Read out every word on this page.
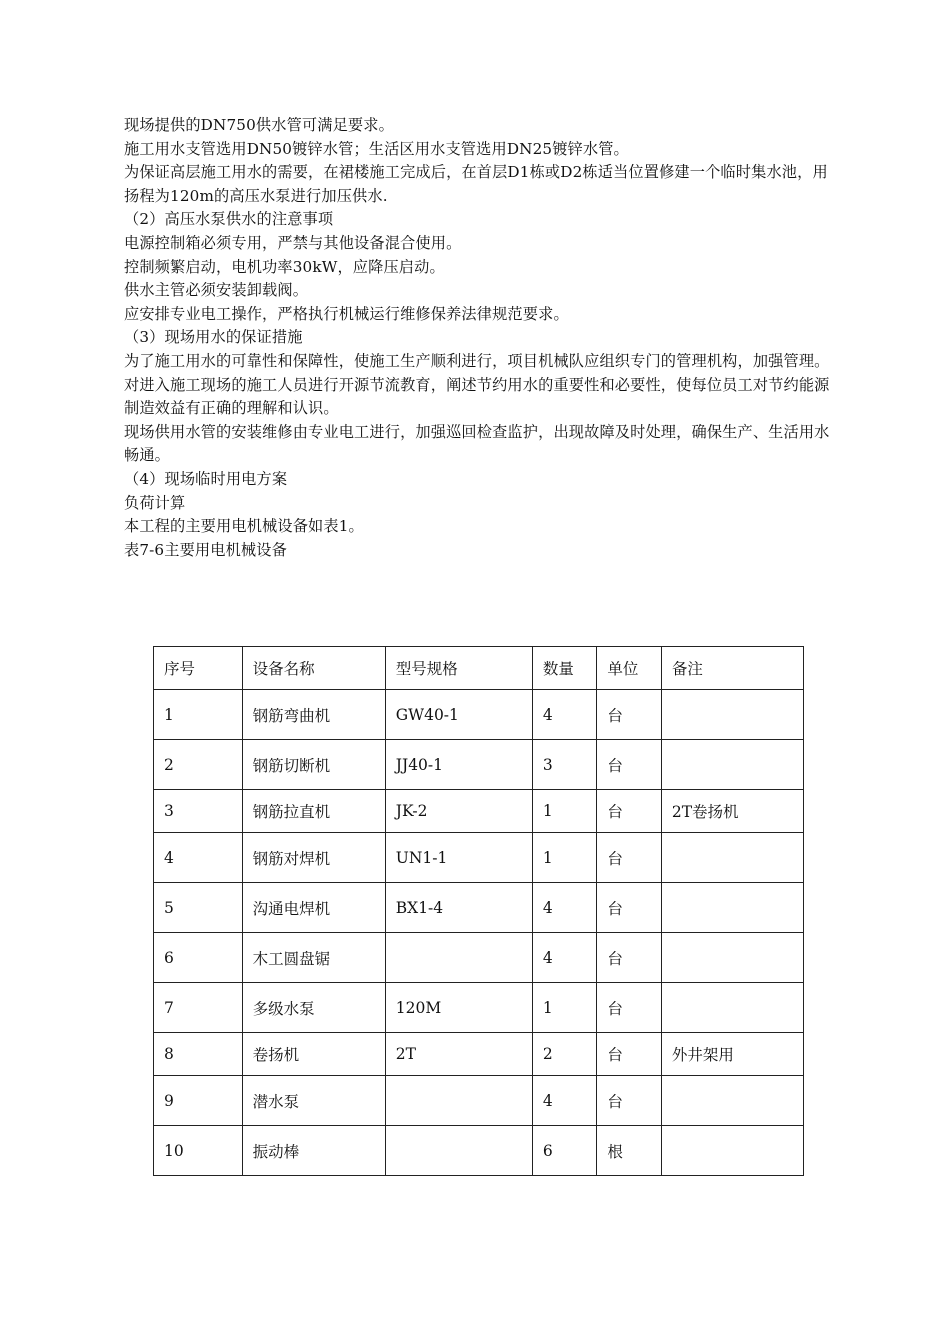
现场提供的DN750供水管可满足要求。

施工用水支管选用DN50镀锌水管；生活区用水支管选用DN25镀锌水管。

为保证高层施工用水的需要，在裙楼施工完成后，在首层D1栋或D2栋适当位置修建一个临时集水池，用扬程为120m的高压水泵进行加压供水.

（2）高压水泵供水的注意事项

电源控制箱必须专用，严禁与其他设备混合使用。

控制频繁启动，电机功率30kW，应降压启动。

供水主管必须安装卸载阀。

应安排专业电工操作，严格执行机械运行维修保养法律规范要求。

（3）现场用水的保证措施

为了施工用水的可靠性和保障性，使施工生产顺利进行，项目机械队应组织专门的管理机构，加强管理。

对进入施工现场的施工人员进行开源节流教育，阐述节约用水的重要性和必要性，使每位员工对节约能源制造效益有正确的理解和认识。

现场供用水管的安装维修由专业电工进行，加强巡回检查监护，出现故障及时处理，确保生产、生活用水畅通。

（4）现场临时用电方案

负荷计算

本工程的主要用电机械设备如表1。

表7-6主要用电机械设备

序号	设备名称	型号规格	数量	单位	备注
1	钢筋弯曲机	GW40-1	4	台	
2	钢筋切断机	JJ40-1	3	台	
3	钢筋拉直机	JK-2	1	台	2T卷扬机
4	钢筋对焊机	UN1-1	1	台	
5	沟通电焊机	BX1-4	4	台	
6	木工圆盘锯		4	台	
7	多级水泵	120M	1	台	
8	卷扬机	2T	2	台	外井架用
9	潜水泵		4	台	
10	振动棒		6	根	
